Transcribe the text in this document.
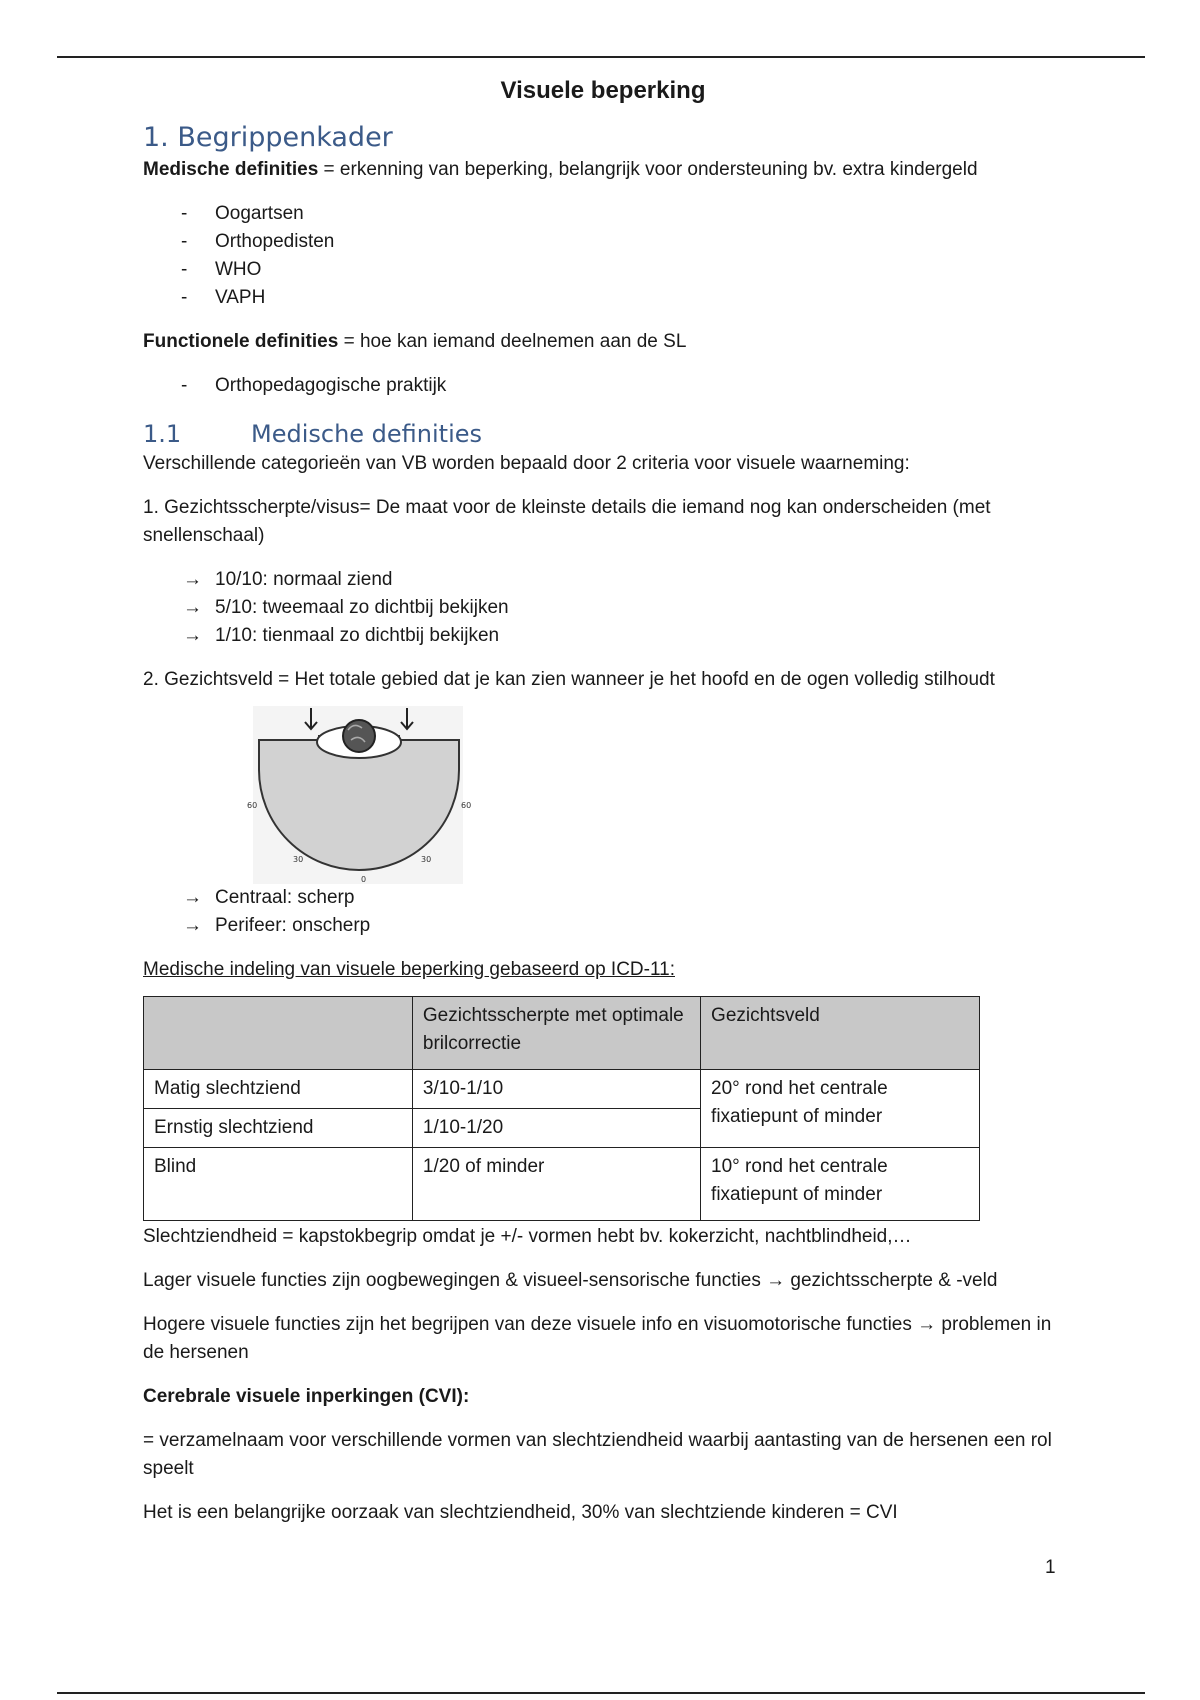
Visuele beperking
1. Begrippenkader

Medische definities = erkenning van beperking, belangrijk voor ondersteuning bv. extra kindergeld

- Oogartsen
- Orthopedisten
- WHO
- VAPH

Functionele definities = hoe kan iemand deelnemen aan de SL

- Orthopedagogische praktijk
1.1	Medische definities

Verschillende categorieën van VB worden bepaald door 2 criteria voor visuele waarneming:

1. Gezichtsscherpte/visus= De maat voor de kleinste details die iemand nog kan onderscheiden (met snellenschaal)

→ 10/10: normaal ziend
→ 5/10: tweemaal zo dichtbij bekijken
→ 1/10: tienmaal zo dichtbij bekijken

2. Gezichtsveld = Het totale gebied dat je kan zien wanneer je het hoofd en de ogen volledig stilhoudt

60	60
30	30
0
→ Centraal: scherp
→ Perifeer: onscherp

Medische indeling van visuele beperking gebaseerd op ICD-11:

	Gezichtsscherpte met optimale brilcorrectie	Gezichtsveld
Matig slechtziend	3/10-1/10	20° rond het centrale fixatiepunt of minder
Ernstig slechtziend	1/10-1/20	
Blind	1/20 of minder	10° rond het centrale fixatiepunt of minder

Slechtziendheid = kapstokbegrip omdat je +/- vormen hebt bv. kokerzicht, nachtblindheid,…

Lager visuele functies zijn oogbewegingen & visueel-sensorische functies → gezichtsscherpte & -veld

Hogere visuele functies zijn het begrijpen van deze visuele info en visuomotorische functies → problemen in de hersenen

Cerebrale visuele inperkingen (CVI):

= verzamelnaam voor verschillende vormen van slechtziendheid waarbij aantasting van de hersenen een rol speelt

Het is een belangrijke oorzaak van slechtziendheid, 30% van slechtziende kinderen = CVI

1
